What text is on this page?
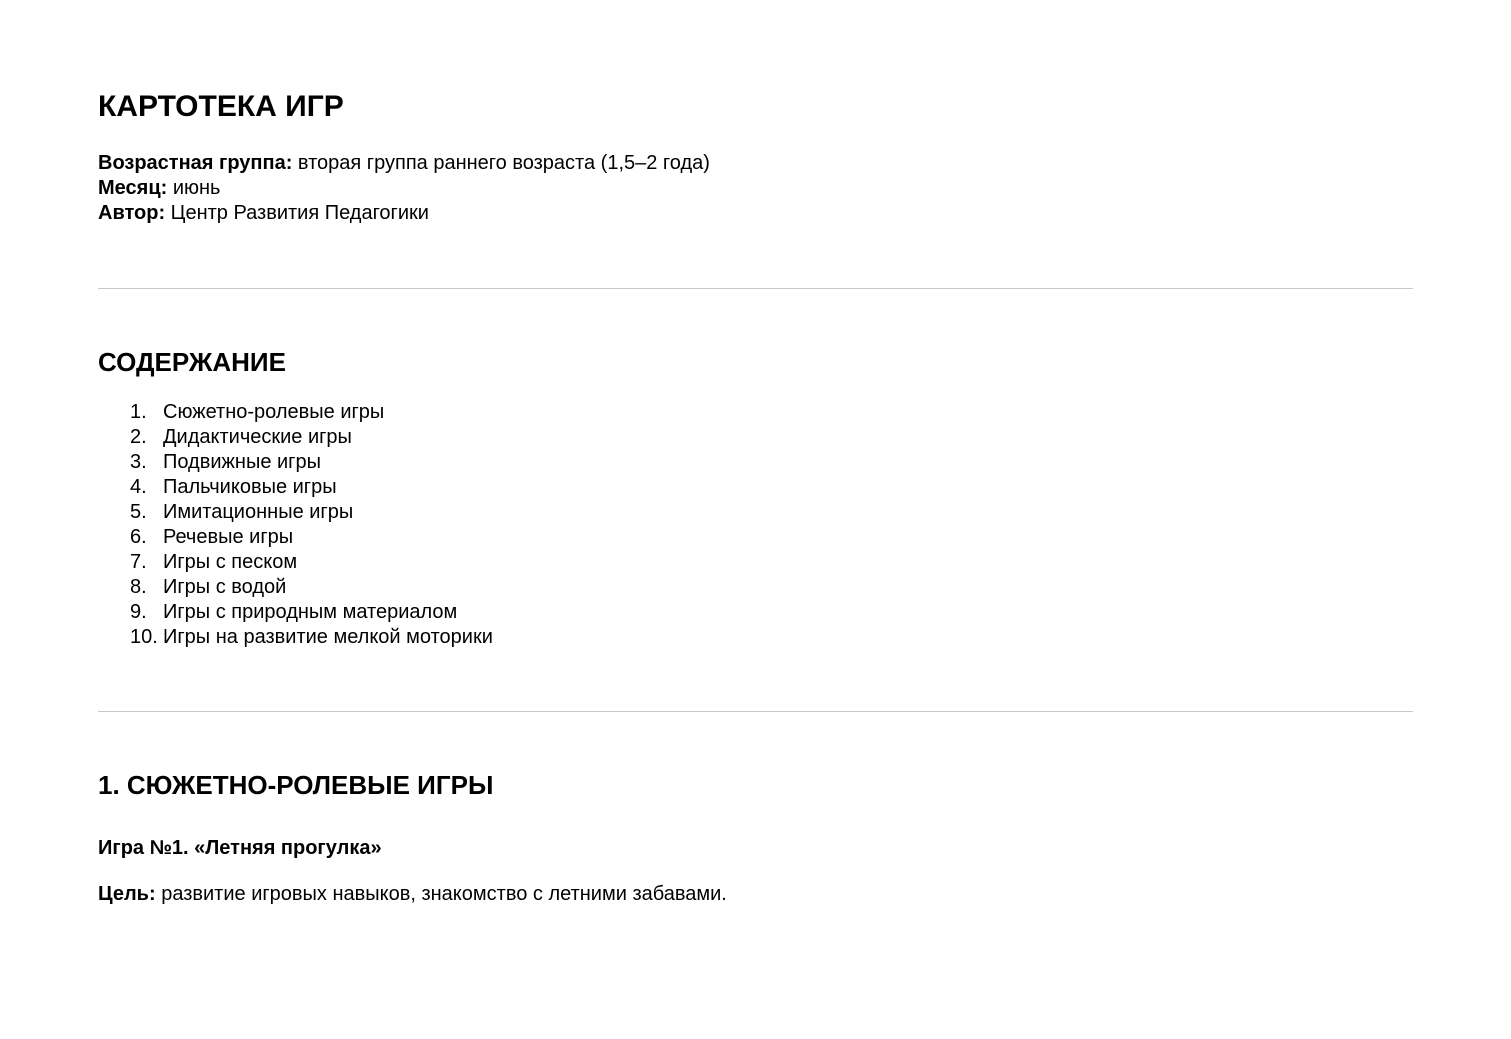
КАРТОТЕКА ИГР
Возрастная группа: вторая группа раннего возраста (1,5–2 года)
Месяц: июнь
Автор: Центр Развития Педагогики
СОДЕРЖАНИЕ
1. Сюжетно-ролевые игры
2. Дидактические игры
3. Подвижные игры
4. Пальчиковые игры
5. Имитационные игры
6. Речевые игры
7. Игры с песком
8. Игры с водой
9. Игры с природным материалом
10. Игры на развитие мелкой моторики
1. СЮЖЕТНО-РОЛЕВЫЕ ИГРЫ
Игра №1. «Летняя прогулка»
Цель: развитие игровых навыков, знакомство с летними забавами.
